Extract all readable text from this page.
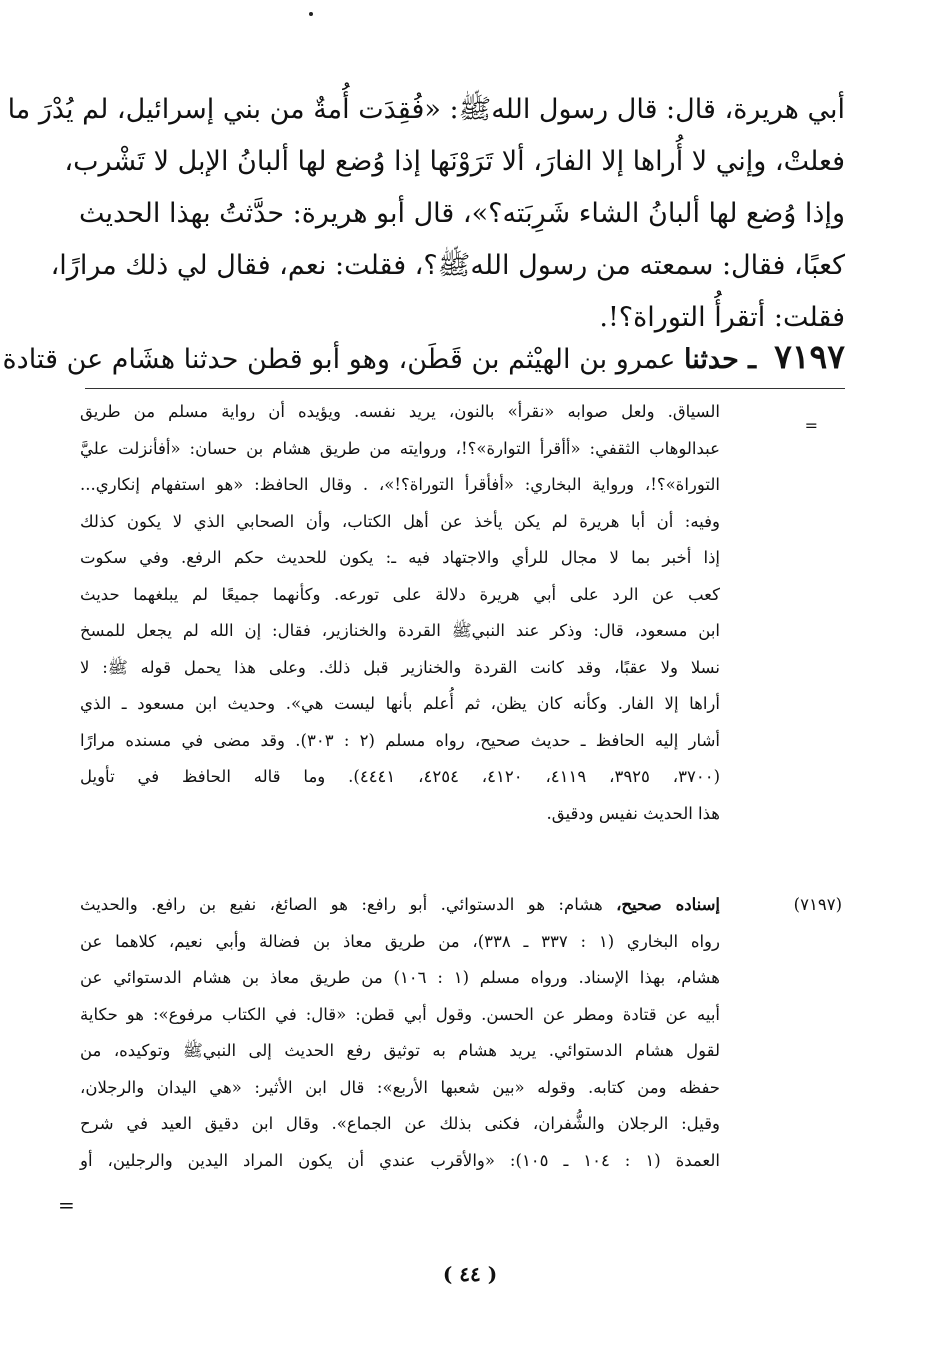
أبي هريرة، قال: قال رسول اللهﷺ: «فُقِدَت أُمةٌ من بني إسرائيل، لم يُدْرَ ما
فعلتْ، وإني لا أُراها إلا الفارَ، ألا تَرَوْنَها إذا وُضع لها ألبانُ الإبل لا تَشْرب،
وإذا وُضع لها ألبانُ الشاء شَرِبَته؟»، قال أبو هريرة: حدَّثتُ بهذا الحديث
كعبًا، فقال: سمعته من رسول اللهﷺ؟، فقلت: نعم، فقال لي ذلك مرارًا،
فقلت: أتقرأُ التوراة؟!.
٧١٩٧  ـ حدثنا عمرو بن الهيْثم بن قَطَن، وهو أبو قطن حدثنا هشَام عن قتادة
=
السياق. ولعل صوابه «نقرأ» بالنون، يريد نفسه. ويؤيده أن رواية مسلم من طريق
عبدالوهاب الثقفي: «أأقرأ التوارة»؟!، وروايته من طريق هشام بن حسان: «أفأنزلت عليَّ
التوراة»؟!، ورواية البخاري: «أفأقرأ التوراة؟!»، . وقال الحافظ: «هو استفهام إنكاري...
وفيه: أن أبا هريرة لم يكن يأخذ عن أهل الكتاب، وأن الصحابي الذي لا يكون كذلك
إذا أخبر بما لا مجال للرأي والاجتهاد فيه ـ: يكون للحديث حكم الرفع. وفي سكوت
كعب عن الرد على أبي هريرة دلالة على تورعه. وكأنهما جميعًا لم يبلغهما حديث
ابن مسعود، قال: وذكر عند النبيﷺ القردة والخنازير، فقال: إن الله لم يجعل للمسخ
نسلا ولا عقبًا، وقد كانت القردة والخنازير قبل ذلك. وعلى هذا يحمل قوله ﷺ: لا
أراها إلا الفار. وكأنه كان يظن، ثم أُعلم بأنها ليست هي». وحديث ابن مسعود ـ الذي
أشار إليه الحافظ ـ حديث صحيح، رواه مسلم (٢ : ٣٠٣). وقد مضى في مسنده مرارًا
(٣٧٠٠، ٣٩٢٥، ٤١١٩، ٤١٢٠، ٤٢٥٤، ٤٤٤١). وما قاله الحافظ في تأويل
هذا الحديث نفيس ودقيق.
(٧١٩٧)
إسناده صحيح، هشام: هو الدستوائي. أبو رافع: هو الصائغ، نفيع بن رافع. والحديث
رواه البخاري (١ : ٣٣٧ ـ ٣٣٨)، من طريق معاذ بن فضالة وأبي نعيم، كلاهما عن
هشام، بهذا الإسناد. ورواه مسلم (١ : ١٠٦) من طريق معاذ بن هشام الدستوائي عن
أبيه عن قتادة ومطر عن الحسن. وقول أبي قطن: «قال: في الكتاب مرفوع»: هو حكاية
لقول هشام الدستوائي. يريد هشام به توثيق رفع الحديث إلى النبيﷺ وتوكيده، من
حفظه ومن كتابه. وقوله «بين شعبها الأربع»: قال ابن الأثير: «هي اليدان والرجلان،
وقيل: الرجلان والشُّفران، فكنى بذلك عن الجماع». وقال ابن دقيق العيد في شرح
العمدة (١ : ١٠٤ ـ ١٠٥): «والأقرب عندي أن يكون المراد اليدين والرجلين، أو
=
( ٤٤ )
